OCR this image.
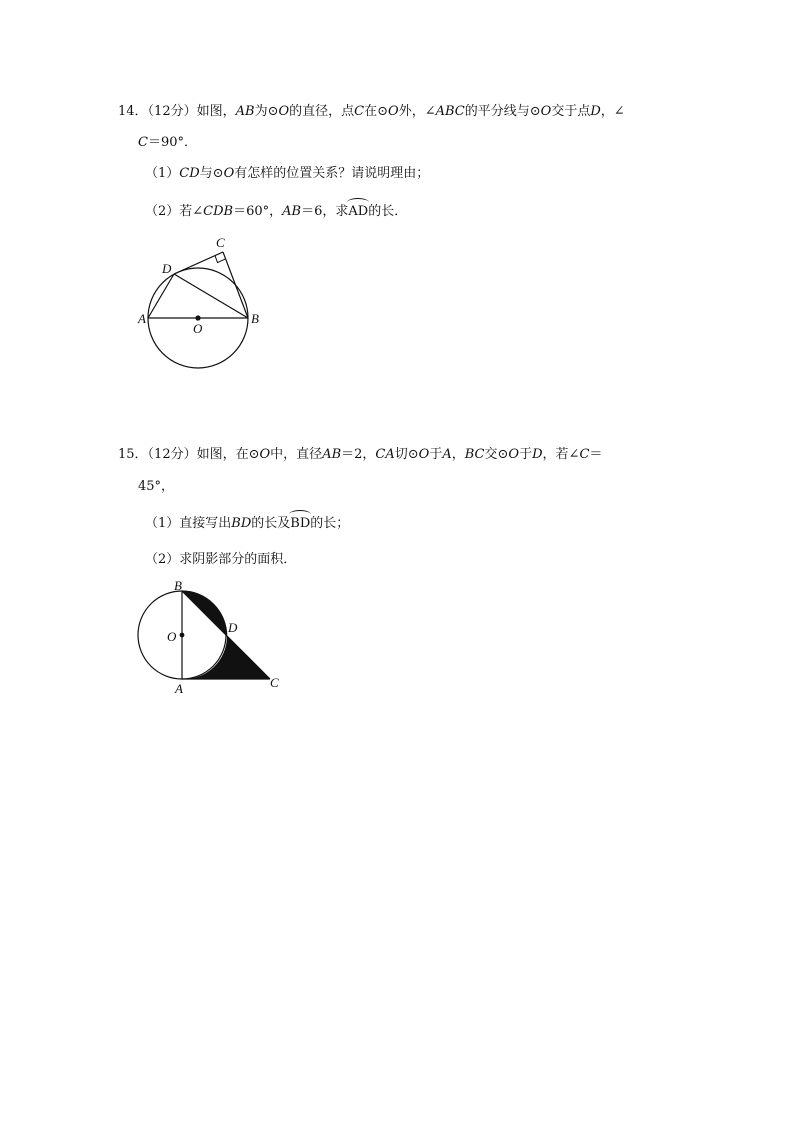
14．（12分）如图，AB为⊙O的直径，点C在⊙O外，∠ABC的平分线与⊙O交于点D，∠
C＝90°．
（1）CD与⊙O有怎样的位置关系？请说明理由；
（2）若∠CDB＝60°，AB＝6，求AD的长．
A	B
C
D
O
15．（12分）如图，在⊙O中，直径AB＝2，CA切⊙O于A，BC交⊙O于D，若∠C＝
45°，
（1）直接写出BD的长及BD的长；
（2）求阴影部分的面积．
B
D
O
A	C
